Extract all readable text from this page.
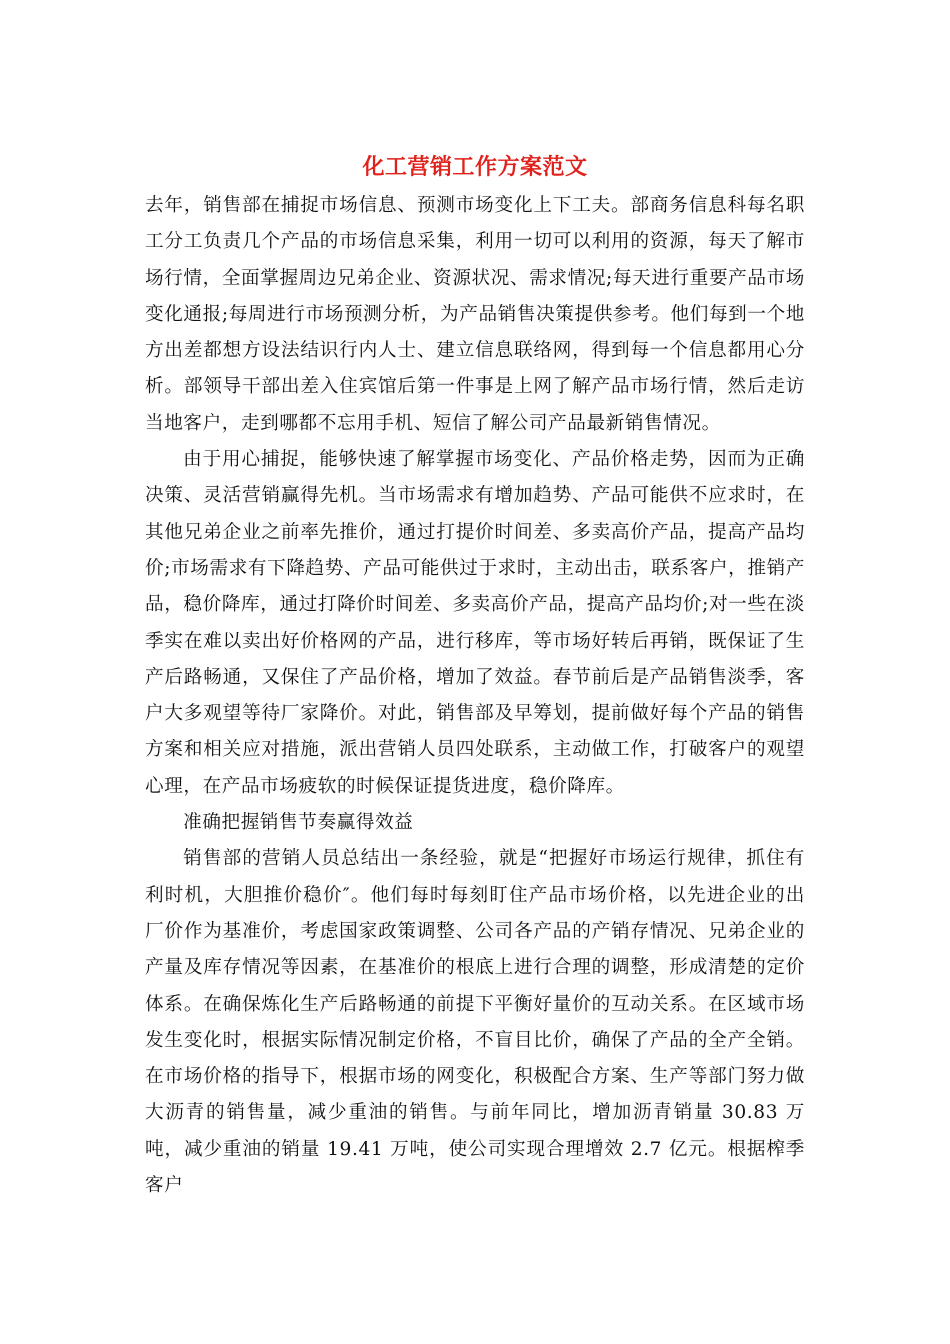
化工营销工作方案范文

去年，销售部在捕捉市场信息、预测市场变化上下工夫。部商务信息科每名职工分工负责几个产品的市场信息采集，利用一切可以利用的资源，每天了解市场行情，全面掌握周边兄弟企业、资源状况、需求情况;每天进行重要产品市场变化通报;每周进行市场预测分析，为产品销售决策提供参考。他们每到一个地方出差都想方设法结识行内人士、建立信息联络网，得到每一个信息都用心分析。部领导干部出差入住宾馆后第一件事是上网了解产品市场行情，然后走访当地客户，走到哪都不忘用手机、短信了解公司产品最新销售情况。

由于用心捕捉，能够快速了解掌握市场变化、产品价格走势，因而为正确决策、灵活营销赢得先机。当市场需求有增加趋势、产品可能供不应求时，在其他兄弟企业之前率先推价，通过打提价时间差、多卖高价产品，提高产品均价;市场需求有下降趋势、产品可能供过于求时，主动出击，联系客户，推销产品，稳价降库，通过打降价时间差、多卖高价产品，提高产品均价;对一些在淡季实在难以卖出好价格网的产品，进行移库，等市场好转后再销，既保证了生产后路畅通，又保住了产品价格，增加了效益。春节前后是产品销售淡季，客户大多观望等待厂家降价。对此，销售部及早筹划，提前做好每个产品的销售方案和相关应对措施，派出营销人员四处联系，主动做工作，打破客户的观望心理，在产品市场疲软的时候保证提货进度，稳价降库。

准确把握销售节奏赢得效益

销售部的营销人员总结出一条经验，就是“把握好市场运行规律，抓住有利时机，大胆推价稳价″。他们每时每刻盯住产品市场价格，以先进企业的出厂价作为基准价，考虑国家政策调整、公司各产品的产销存情况、兄弟企业的产量及库存情况等因素，在基准价的根底上进行合理的调整，形成清楚的定价体系。在确保炼化生产后路畅通的前提下平衡好量价的互动关系。在区域市场发生变化时，根据实际情况制定价格，不盲目比价，确保了产品的全产全销。在市场价格的指导下，根据市场的网变化，积极配合方案、生产等部门努力做大沥青的销售量，减少重油的销售。与前年同比，增加沥青销量 30.83 万吨，减少重油的销量 19.41 万吨，使公司实现合理增效 2.7 亿元。根据榨季客户
